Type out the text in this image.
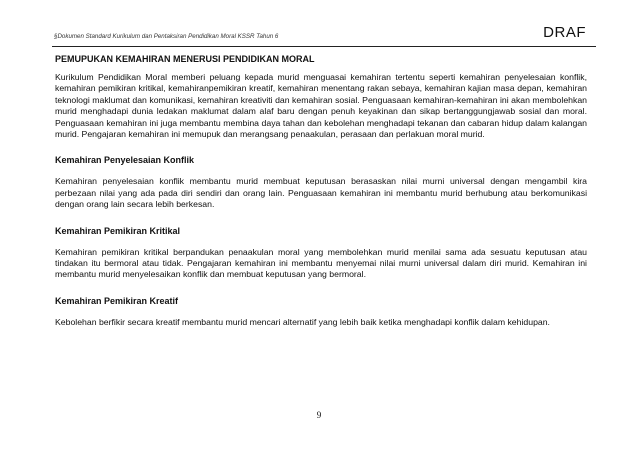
§Dokumen Standard Kurikulum dan Pentaksiran Pendidikan Moral KSSR Tahun 6	DRAF

PEMUPUKAN KEMAHIRAN MENERUSI PENDIDIKAN MORAL

Kurikulum Pendidikan Moral memberi peluang kepada murid menguasai kemahiran tertentu seperti kemahiran penyelesaian konflik, kemahiran pemikiran kritikal, kemahiranpemikiran kreatif, kemahiran menentang rakan sebaya, kemahiran kajian masa depan, kemahiran teknologi maklumat dan komunikasi, kemahiran kreativiti dan kemahiran sosial. Penguasaan kemahiran-kemahiran ini akan membolehkan murid menghadapi dunia ledakan maklumat dalam alaf baru dengan penuh keyakinan dan sikap bertanggungjawab sosial dan moral. Penguasaan kemahiran ini juga membantu membina daya tahan dan kebolehan menghadapi tekanan dan cabaran hidup dalam kalangan murid. Pengajaran kemahiran ini memupuk dan merangsang penaakulan, perasaan dan perlakuan moral murid.

Kemahiran Penyelesaian Konflik

Kemahiran penyelesaian konflik membantu murid membuat keputusan berasaskan nilai murni universal dengan mengambil kira perbezaan nilai yang ada pada diri sendiri dan orang lain. Penguasaan kemahiran ini membantu murid berhubung atau berkomunikasi dengan orang lain secara lebih berkesan.

Kemahiran Pemikiran Kritikal

Kemahiran pemikiran kritikal berpandukan penaakulan moral yang membolehkan murid menilai sama ada sesuatu keputusan atau tindakan itu bermoral atau tidak. Pengajaran kemahiran ini membantu menyemai nilai murni universal dalam diri murid. Kemahiran ini membantu murid menyelesaikan konflik dan membuat keputusan yang bermoral.

Kemahiran Pemikiran Kreatif

Kebolehan berfikir secara kreatif membantu murid mencari alternatif yang lebih baik ketika menghadapi konflik dalam kehidupan.

9
